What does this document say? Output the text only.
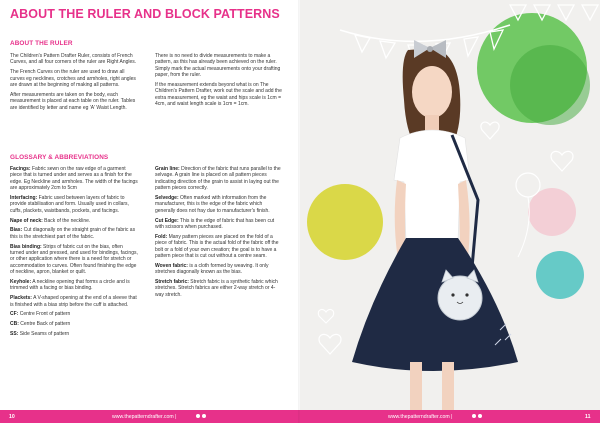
ABOUT THE RULER AND BLOCK PATTERNS
ABOUT THE RULER

The Children's Pattern Drafter Ruler, consists of French Curves, and all four corners of the ruler are Right Angles.

The French Curves on the ruler are used to draw all curves eg necklines, crotches and armholes, right angles are drawn at the beginning of making all patterns.

After measurements are taken on the body, each measurement is placed at each table on the ruler. Tables are identified by letter and name eg 'A' Waist Length.

There is no need to divide measurements to make a pattern, as this has already been achieved on the ruler. Simply mark the actual measurements onto your drafting paper, from the ruler.

If the measurement extends beyond what is on The Children's Pattern Drafter, work out the scale and add the extra measurement, eg the waist and hips scale is 1cm = 4cm, and waist length scale is 1cm = 1cm.

GLOSSARY & ABBREVIATIONS

Facings: Fabric sewn on the raw edge of a garment piece that is turned under and serves as a finish for the edge. Eg Neckline and armholes. The width of the facings are approximately 2cm to 5cm

Interfacing: Fabric used between layers of fabric to provide stabilisation and form. Usually used in collars, cuffs, plackets, waistbands, pockets, and facings.

Nape of neck: Back of the neckline.

Bias: Cut diagonally on the straight grain of the fabric as this is the stretchiest part of the fabric.

Bias binding: Strips of fabric cut on the bias, often turned under and pressed, and used for bindings, facings, or other application where there is a need for stretch or accommodation to curves. Often found finishing the edge of neckline, apron, blanket or quilt.

Keyhole: A neckline opening that forms a circle and is trimmed with a facing or bias binding.

Plackets: A V-shaped opening at the end of a sleeve that is finished with a bias strip before the cuff is attached.

CF: Centre Front of pattern

CB: Centre Back of pattern

SS: Side Seams of pattern

Grain line: Direction of the fabric that runs parallel to the selvage. A grain line is placed on all pattern pieces indicating direction of the grain to assist in laying out the pattern pieces correctly.

Selvedge: Often marked with information from the manufacturer, this is the edge of the fabric which generally does not fray due to manufacturer's finish.

Cut Edge: This is the edge of fabric that has been cut with scissors when purchased.

Fold: Many pattern pieces are placed on the fold of a piece of fabric. This is the actual fold of the fabric off the bolt or a fold of your own creation; the goal is to have a pattern piece that is cut out without a centre seam.

Woven fabric: is a cloth formed by weaving. It only stretches diagonally known as the bias.

Stretch fabric: Stretch fabric is a synthetic fabric which stretches. Stretch fabrics are either 2-way stretch or 4-way stretch.

10	www.thepatterndrafter.com |	www.thepatterndrafter.com |	11
